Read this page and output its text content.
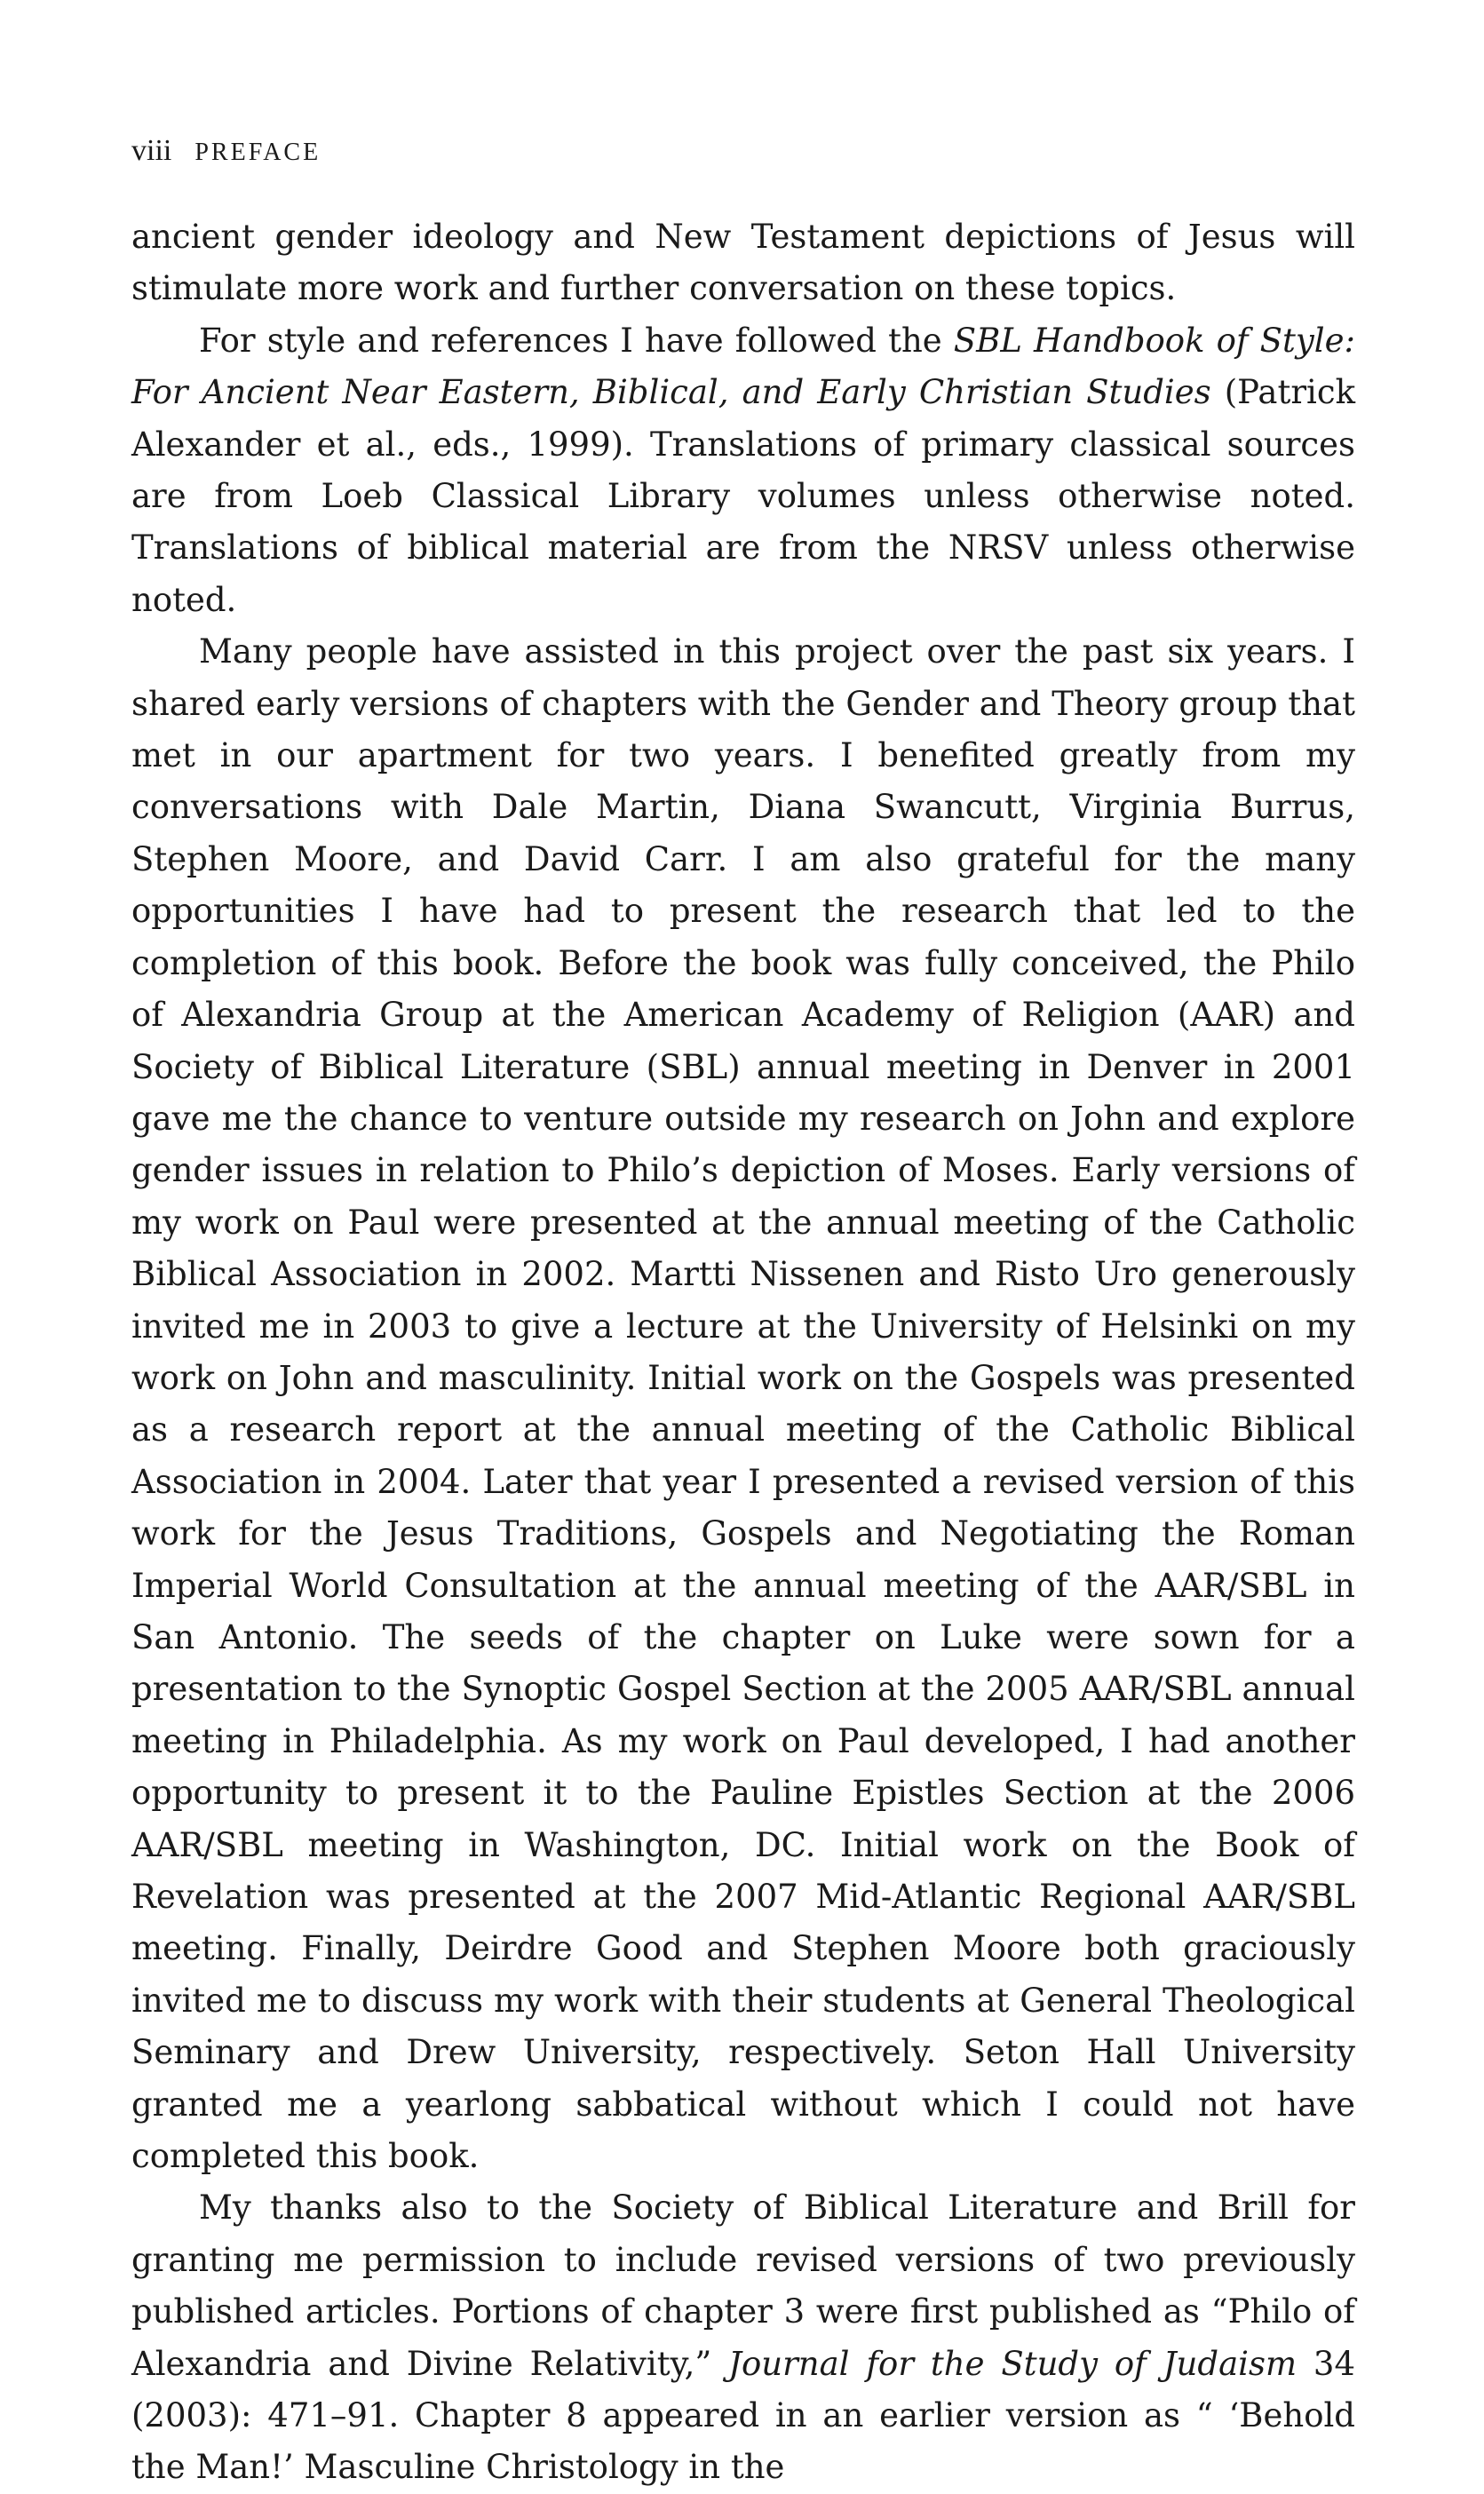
viii PREFACE

ancient gender ideology and New Testament depictions of Jesus will stimulate more work and further conversation on these topics.

For style and references I have followed the SBL Handbook of Style: For Ancient Near Eastern, Biblical, and Early Christian Studies (Patrick Alexander et al., eds., 1999). Translations of primary classical sources are from Loeb Classical Library volumes unless otherwise noted. Translations of biblical material are from the NRSV unless otherwise noted.

Many people have assisted in this project over the past six years. I shared early versions of chapters with the Gender and Theory group that met in our apartment for two years. I benefited greatly from my conversations with Dale Martin, Diana Swancutt, Virginia Burrus, Stephen Moore, and David Carr. I am also grateful for the many opportunities I have had to present the research that led to the completion of this book. Before the book was fully conceived, the Philo of Alexandria Group at the American Academy of Religion (AAR) and Society of Biblical Literature (SBL) annual meeting in Denver in 2001 gave me the chance to venture outside my research on John and explore gender issues in relation to Philo’s depiction of Moses. Early versions of my work on Paul were presented at the annual meeting of the Catholic Biblical Association in 2002. Martti Nissenen and Risto Uro generously invited me in 2003 to give a lecture at the University of Helsinki on my work on John and masculinity. Initial work on the Gospels was presented as a research report at the annual meeting of the Catholic Biblical Association in 2004. Later that year I presented a revised version of this work for the Jesus Traditions, Gospels and Negotiating the Roman Imperial World Consultation at the annual meeting of the AAR/SBL in San Antonio. The seeds of the chapter on Luke were sown for a presentation to the Synoptic Gospel Section at the 2005 AAR/SBL annual meeting in Philadelphia. As my work on Paul developed, I had another opportunity to present it to the Pauline Epistles Section at the 2006 AAR/SBL meeting in Washington, DC. Initial work on the Book of Revelation was presented at the 2007 Mid-Atlantic Regional AAR/SBL meeting. Finally, Deirdre Good and Stephen Moore both graciously invited me to discuss my work with their students at General Theological Seminary and Drew University, respectively. Seton Hall University granted me a yearlong sabbatical without which I could not have completed this book.

My thanks also to the Society of Biblical Literature and Brill for granting me permission to include revised versions of two previously published articles. Portions of chapter 3 were first published as “Philo of Alexandria and Divine Relativity,” Journal for the Study of Judaism 34 (2003): 471–91. Chapter 8 appeared in an earlier version as “ ‘Behold the Man!’ Masculine Christology in the
